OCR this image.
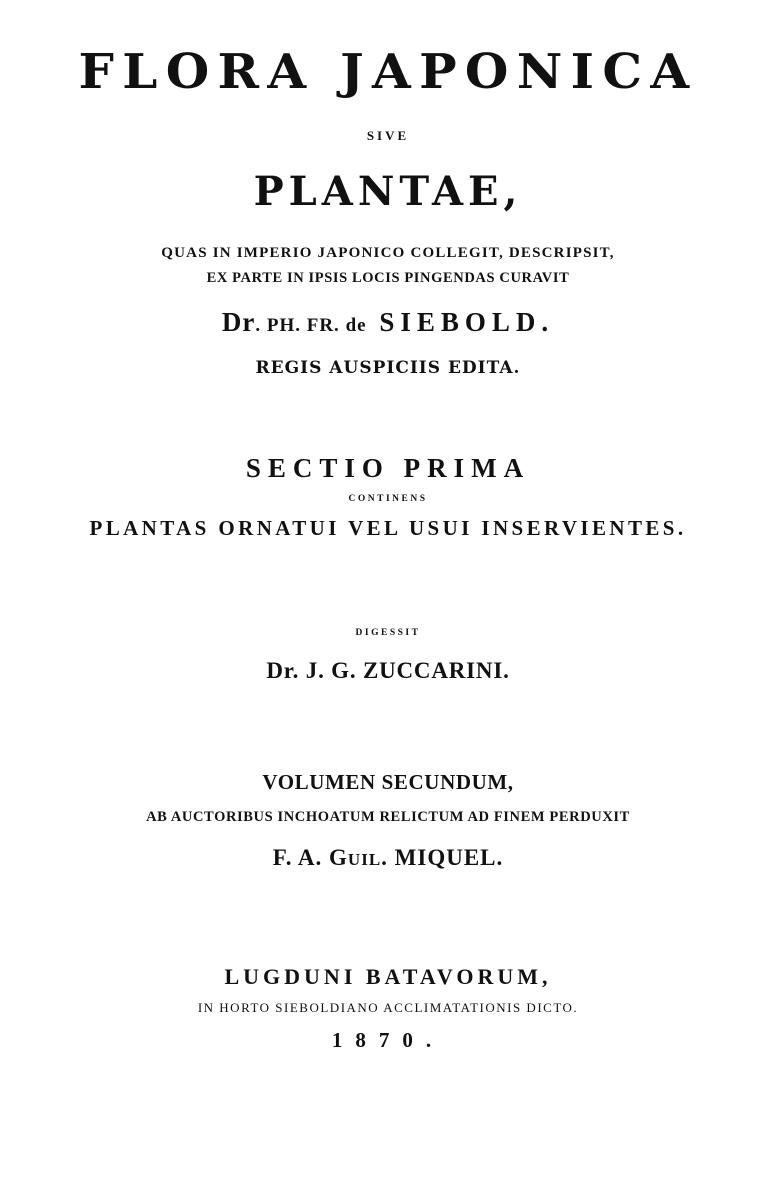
FLORA JAPONICA
SIVE
PLANTAE,
QUAS IN IMPERIO JAPONICO COLLEGIT, DESCRIPSIT,
EX PARTE IN IPSIS LOCIS PINGENDAS CURAVIT
Dr. PH. FR. de SIEBOLD.
REGIS AUSPICIIS EDITA.
SECTIO PRIMA
CONTINENS
PLANTAS ORNATUI VEL USUI INSERVIENTES.
DIGESSIT
Dr. J. G. ZUCCARINI.
VOLUMEN SECUNDUM,
AB AUCTORIBUS INCHOATUM RELICTUM AD FINEM PERDUXIT
F. A. GUIL. MIQUEL.
LUGDUNI BATAVORUM,
IN HORTO SIEBOLDIANO ACCLIMATATIONIS DICTO.
1870.
